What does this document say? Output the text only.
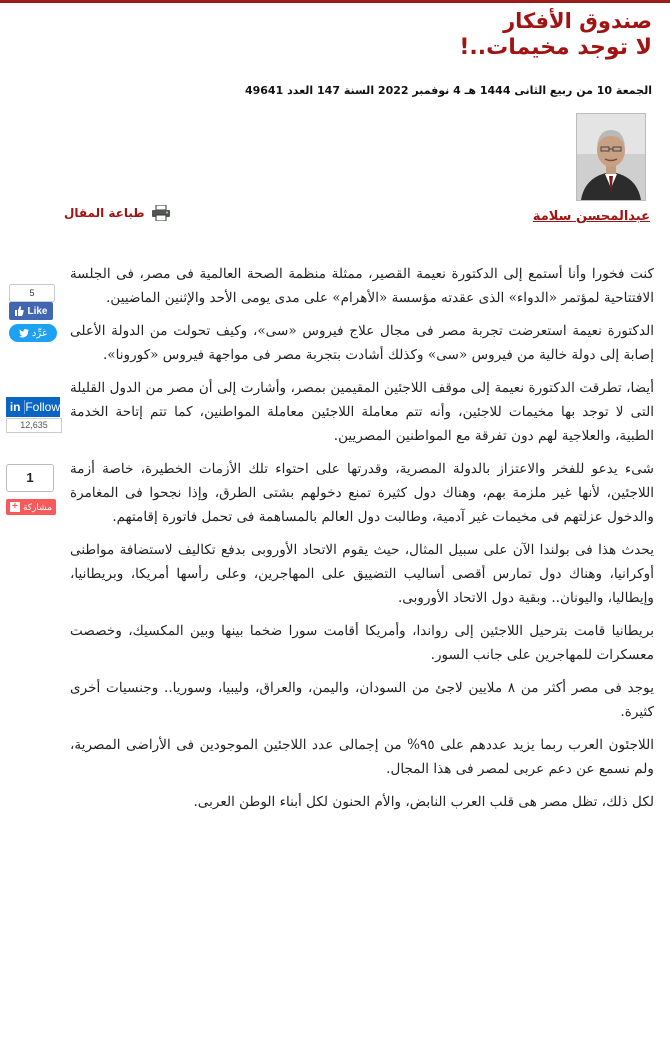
صندوق الأفكار
لا توجد مخيمات..!
الجمعة 10 من ربيع الثانى 1444 هـ 4 نوفمبر 2022 السنة 147 العدد 49641
عبدالمحسن سلامة
طباعة المقال
5
Like
غرِّد
in Follow
12,635
1
مشاركة
+

كنت فخورا وأنا أستمع إلى الدكتورة نعيمة القصير، ممثلة منظمة الصحة العالمية فى مصر، فى الجلسة الافتتاحية لمؤتمر «الدواء» الذى عقدته مؤسسة «الأهرام» على مدى يومى الأحد والإثنين الماضيين.

الدكتورة نعيمة استعرضت تجربة مصر فى مجال علاج فيروس «سى»، وكيف تحولت من الدولة الأعلى إصابة إلى دولة خالية من فيروس «سى» وكذلك أشادت بتجربة مصر فى مواجهة فيروس «كورونا».

أيضا، تطرقت الدكتورة نعيمة إلى موقف اللاجئين المقيمين بمصر، وأشارت إلى أن مصر من الدول القليلة التى لا توجد بها مخيمات للاجئين، وأنه تتم معاملة اللاجئين معاملة المواطنين، كما تتم إتاحة الخدمة الطبية، والعلاجية لهم دون تفرقة مع المواطنين المصريين.

شىء يدعو للفخر والاعتزاز بالدولة المصرية، وقدرتها على احتواء تلك الأزمات الخطيرة، خاصة أزمة اللاجئين، لأنها غير ملزمة بهم، وهناك دول كثيرة تمنع دخولهم بشتى الطرق، وإذا نجحوا فى المغامرة والدخول عزلتهم فى مخيمات غير آدمية، وطالبت دول العالم بالمساهمة فى تحمل فاتورة إقامتهم.

يحدث هذا فى بولندا الآن على سبيل المثال، حيث يقوم الاتحاد الأوروبى بدفع تكاليف لاستضافة مواطنى أوكرانيا، وهناك دول تمارس أقصى أساليب التضييق على المهاجرين، وعلى رأسها أمريكا، وبريطانيا، وإيطاليا، واليونان.. وبقية دول الاتحاد الأوروبى.

بريطانيا قامت بترحيل اللاجئين إلى رواندا، وأمريكا أقامت سورا ضخما بينها وبين المكسيك، وخصصت معسكرات للمهاجرين على جانب السور.

يوجد فى مصر أكثر من ٨ ملايين لاجئ من السودان، واليمن، والعراق، وليبيا، وسوريا.. وجنسيات أخرى كثيرة.

اللاجئون العرب ربما يزيد عددهم على ٩٥% من إجمالى عدد اللاجئين الموجودين فى الأراضى المصرية، ولم نسمع عن دعم عربى لمصر فى هذا المجال.

لكل ذلك، تظل مصر هى قلب العرب النابض، والأم الحنون لكل أبناء الوطن العربى.
